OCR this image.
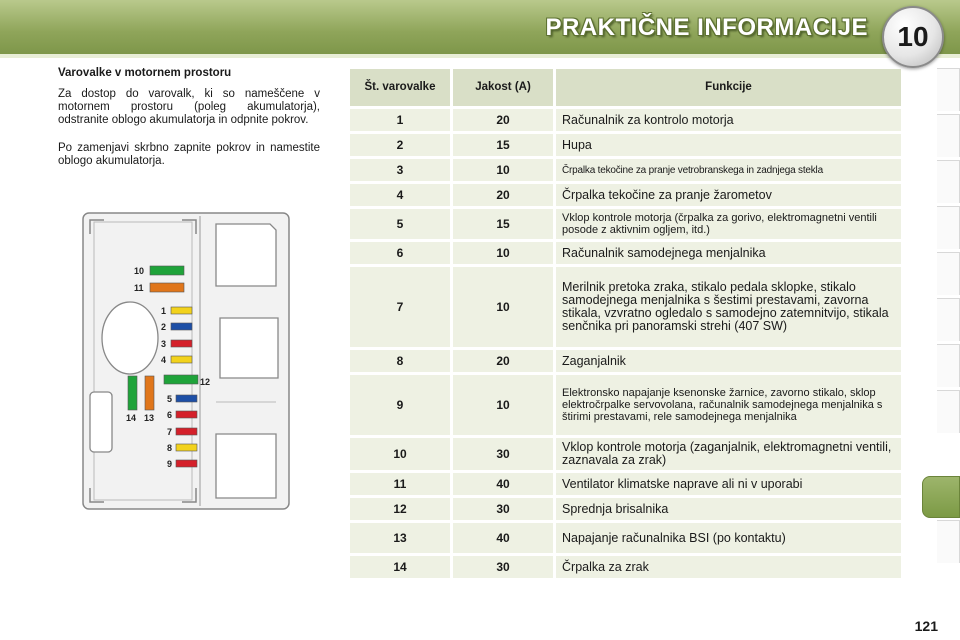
PRAKTIČNE INFORMACIJE	10
Varovalke v motornem prostoru

Za dostop do varovalk, ki so nameščene v motornem prostoru (poleg akumulatorja), odstranite oblogo akumulatorja in odpnite pokrov.

Po zamenjavi skrbno zapnite pokrov in namestite oblogo akumulatorja.

10
11
1
2
3
4
12
5
6
7
8
9
14 13
Št. varovalke	Jakost (A)	Funkcije
1	20	Računalnik za kontrolo motorja
2	15	Hupa
3	10	Črpalka tekočine za pranje vetrobranskega in zadnjega stekla
4	20	Črpalka tekočine za pranje žarometov
5	15	Vklop kontrole motorja (črpalka za gorivo, elektromagnetni ventili posode z aktivnim ogljem, itd.)
6	10	Računalnik samodejnega menjalnika
7	10	Merilnik pretoka zraka, stikalo pedala sklopke, stikalo samodejnega menjalnika s šestimi prestavami, zavorna stikala, vzvratno ogledalo s samodejno zatemnitvijo, stikala senčnika pri panoramski strehi (407 SW)
8	20	Zaganjalnik
9	10	Elektronsko napajanje ksenonske žarnice, zavorno stikalo, sklop elektročrpalke servovolana, računalnik samodejnega menjalnika s štirimi prestavami, rele samodejnega menjalnika
10	30	Vklop kontrole motorja (zaganjalnik, elektromagnetni ventili, zaznavala za zrak)
11	40	Ventilator klimatske naprave ali ni v uporabi
12	30	Sprednja brisalnika
13	40	Napajanje računalnika BSI (po kontaktu)
14	30	Črpalka za zrak
121
